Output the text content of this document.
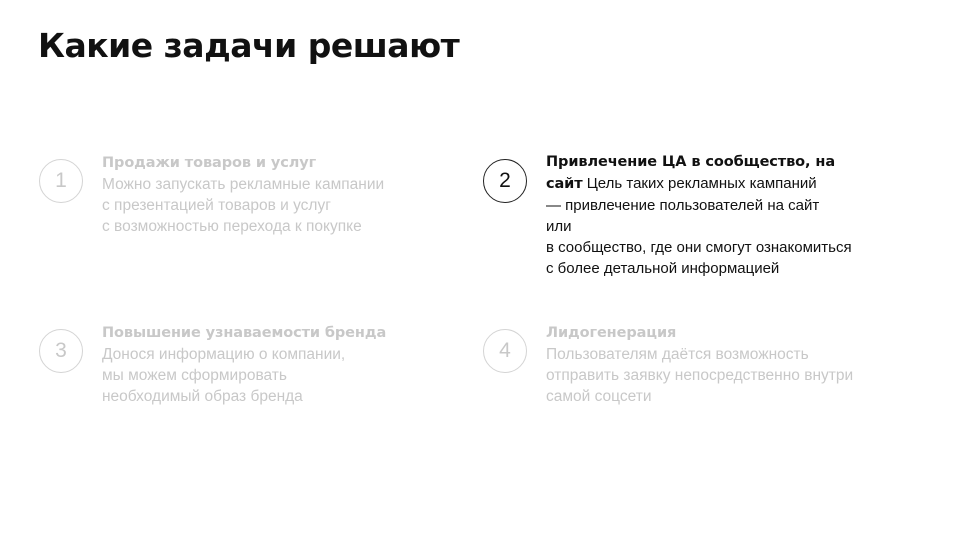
Какие задачи решают
1
Продажи товаров и услуг
Можно запускать рекламные кампании
с презентацией товаров и услуг
с возможностью перехода к покупке
2
Привлечение ЦА в сообщество, на
сайт Цель таких рекламных кампаний
— привлечение пользователей на сайт
или
в сообщество, где они смогут ознакомиться
с более детальной информацией
3
Повышение узнаваемости бренда
Донося информацию о компании,
мы можем сформировать
необходимый образ бренда
4
Лидогенерация
Пользователям даётся возможность
отправить заявку непосредственно внутри
самой соцсети
